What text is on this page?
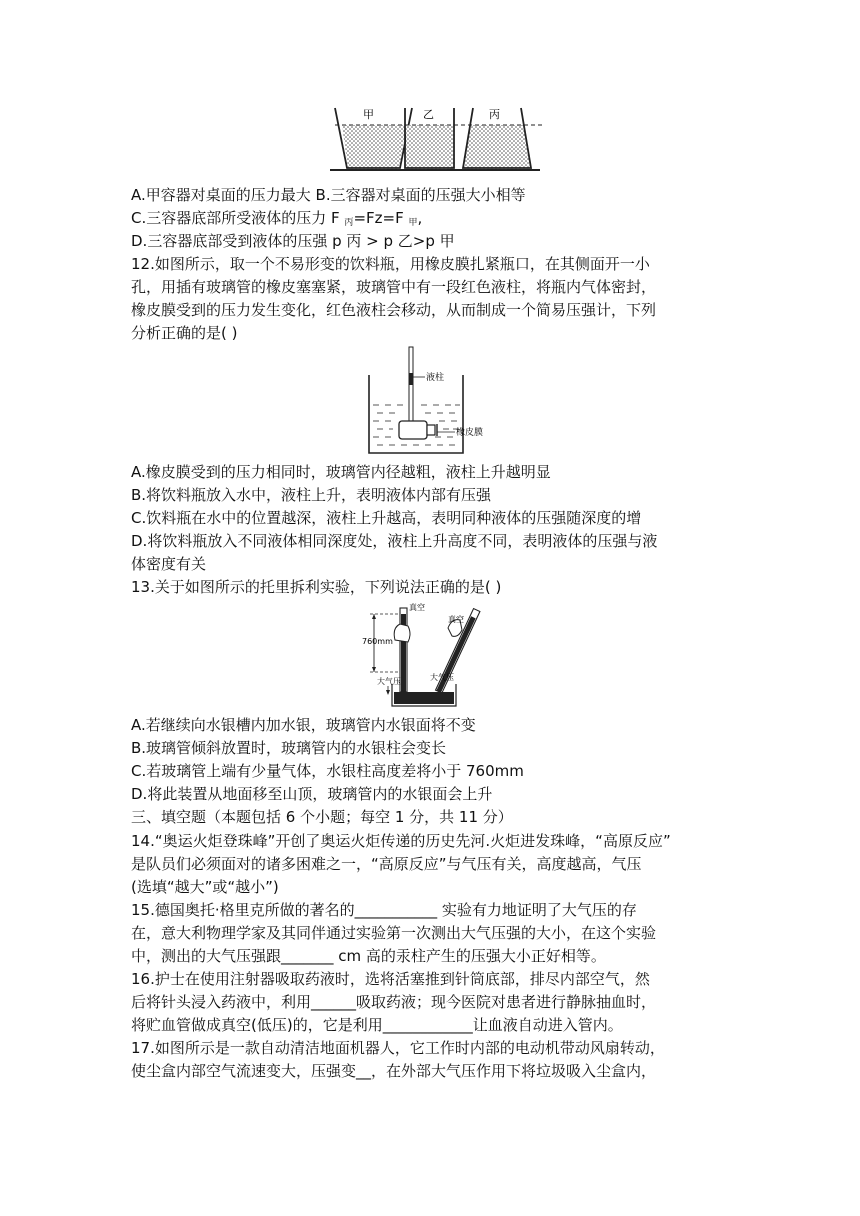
甲	乙	丙
A.甲容器对桌面的压力最大 B.三容器对桌面的压强大小相等
C.三容器底部所受液体的压力 F $_丙$=Fz=F $_甲$,
D.三容器底部受到液体的压强 p 丙 > p 乙>p 甲
12.如图所示，取一个不易形变的饮料瓶，用橡皮膜扎紧瓶口，在其侧面开一小
孔，用插有玻璃管的橡皮塞塞紧，玻璃管中有一段红色液柱，将瓶内气体密封，
橡皮膜受到的压力发生变化，红色液柱会移动，从而制成一个简易压强计，下列
分析正确的是( )
液柱
橡皮膜
A.橡皮膜受到的压力相同时，玻璃管内径越粗，液柱上升越明显
B.将饮料瓶放入水中，液柱上升，表明液体内部有压强
C.饮料瓶在水中的位置越深，液柱上升越高，表明同种液体的压强随深度的增
D.将饮料瓶放入不同液体相同深度处，液柱上升高度不同，表明液体的压强与液
体密度有关
13.关于如图所示的托里拆利实验，下列说法正确的是( )
760mm
真空
真空
大气压	大气压
A.若继续向水银槽内加水银，玻璃管内水银面将不变
B.玻璃管倾斜放置时，玻璃管内的水银柱会变长
C.若玻璃管上端有少量气体，水银柱高度差将小于 760mm
D.将此装置从地面移至山顶，玻璃管内的水银面会上升
三、填空题（本题包括 6 个小题；每空 1 分，共 11 分）
14.“奥运火炬登珠峰”开创了奥运火炬传递的历史先河.火炬进发珠峰，“高原反应”
是队员们必须面对的诸多困难之一，“高原反应”与气压有关，高度越高，气压
(选填“越大”或“越小”)
15.德国奥托·格里克所做的著名的___________ 实验有力地证明了大气压的存
在，意大利物理学家及其同伴通过实验第一次测出大气压强的大小，在这个实验
中，测出的大气压强跟_______ cm 高的汞柱产生的压强大小正好相等。
16.护士在使用注射器吸取药液时，选将活塞推到针筒底部，排尽内部空气，然
后将针头浸入药液中，利用______吸取药液；现今医院对患者进行静脉抽血时，
将贮血管做成真空(低压)的，它是利用____________让血液自动进入管内。
17.如图所示是一款自动清洁地面机器人，它工作时内部的电动机带动风扇转动，
使尘盒内部空气流速变大，压强变__，在外部大气压作用下将垃圾吸入尘盒内，
